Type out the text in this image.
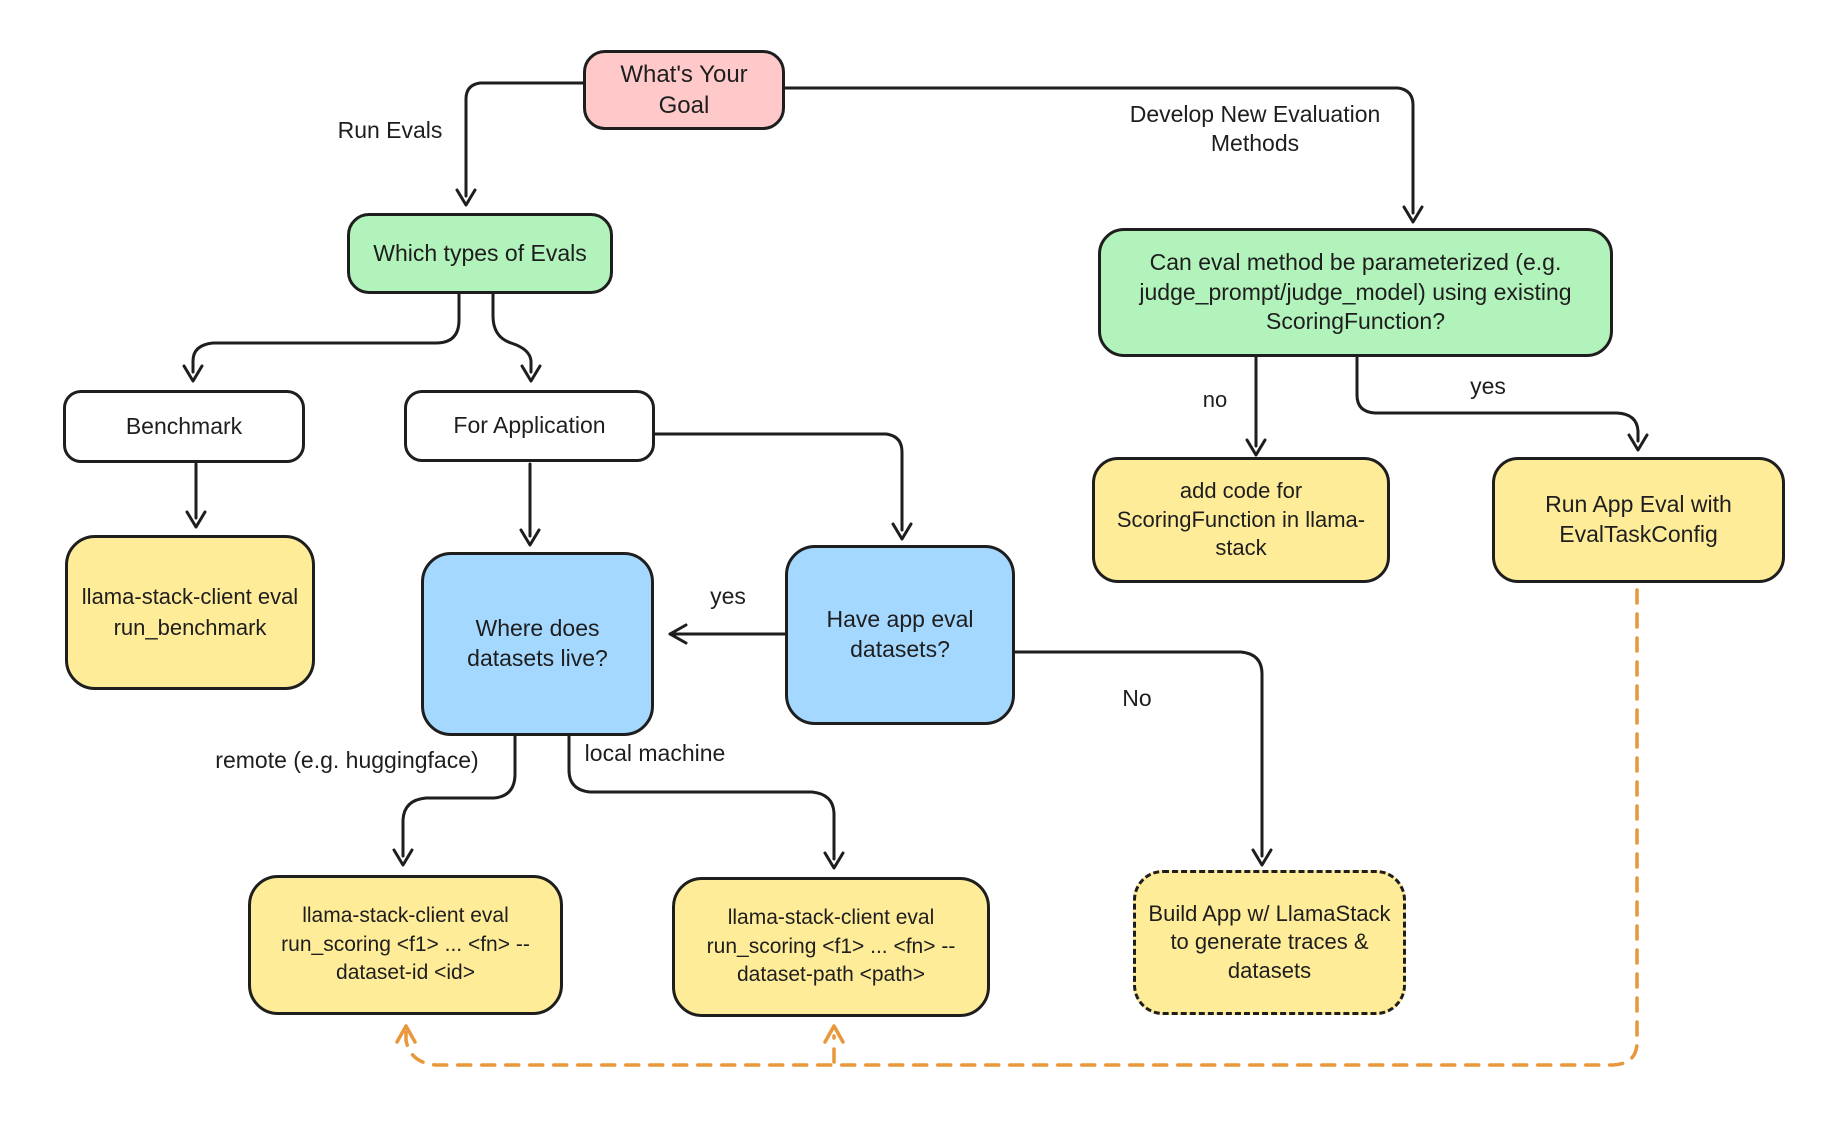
What's Your Goal
Which types of Evals	Can eval method be parameterized (e.g. judge_prompt/judge_model) using existing ScoringFunction?
Benchmark	For Application
llama-stack-client eval run_benchmark	Where does datasets live?
Have app eval datasets?
add code for ScoringFunction in llama-stack
Run App Eval with EvalTaskConfig
llama-stack-client eval run_scoring <f1> ... <fn> --dataset-id <id>
llama-stack-client eval run_scoring <f1> ... <fn> --dataset-path <path>
Build App w/ LlamaStack to generate traces & datasets
Run Evals
Develop New Evaluation Methods
yes
No
no
yes
remote (e.g. huggingface)	local machine
